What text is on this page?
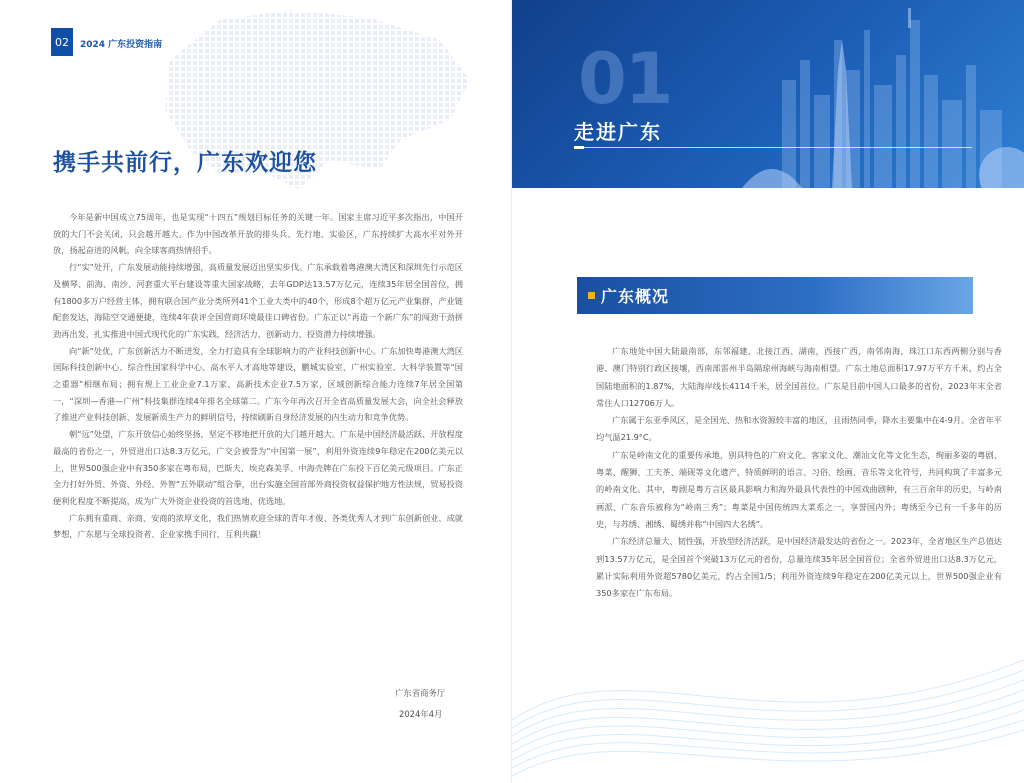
02	2024 广东投资指南
携手共前行，广东欢迎您

今年是新中国成立75周年，也是实现“十四五”规划目标任务的关键一年。国家主席习近平多次指出，中国开放的大门不会关闭，只会越开越大。作为中国改革开放的排头兵、先行地、实验区，广东持续扩大高水平对外开放，扬起奋进的风帆，向全球客商热情招手。

行“实”处开，广东发展动能持续增强，高质量发展迈出坚实步伐。广东承载着粤港澳大湾区和深圳先行示范区及横琴、前海、南沙、河套重大平台建设等重大国家战略，去年GDP达13.57万亿元，连续35年居全国首位，拥有1800多万户经营主体，拥有联合国产业分类所列41个工业大类中的40个，形成8个超万亿元产业集群，产业链配套发达，海陆空交通便捷，连续4年获评全国营商环境最佳口碑省份。广东正以“再造一个新广东”的闯劲干劲拼劲再出发，扎实推进中国式现代化的广东实践，经济活力、创新动力、投资潜力持续增强。

向“新”处优，广东创新活力不断迸发，全力打造具有全球影响力的产业科技创新中心。广东加快粤港澳大湾区国际科技创新中心、综合性国家科学中心、高水平人才高地等建设，鹏城实验室、广州实验室、大科学装置等“国之重器”相继布局；拥有规上工业企业7.1万家、高新技术企业7.5万家，区域创新综合能力连续7年居全国第一，“深圳—香港—广州”科技集群连续4年排名全球第二。广东今年再次召开全省高质量发展大会，向全社会释放了推进产业科技创新、发展新质生产力的鲜明信号，持续刷新自身经济发展的内生动力和竞争优势。

朝“远”处望，广东开放信心始终坚扬，坚定不移地把开放的大门越开越大。广东是中国经济最活跃、开放程度最高的省份之一，外贸进出口达8.3万亿元，广交会被誉为“中国第一展”，利用外资连续9年稳定在200亿美元以上，世界500强企业中有350多家在粤布局，巴斯夫、埃克森美孚、中海壳牌在广东投下百亿美元级项目。广东正全力打好外贸、外资、外经、外智“五外联动”组合拳，出台实施全国首部外商投资权益保护地方性法规，贸易投资便利化程度不断提高，成为广大外资企业投资的首选地、优选地。

广东拥有重商、亲商、安商的浓厚文化，我们热情欢迎全球的青年才俊、各类优秀人才到广东创新创业、成就梦想，广东愿与全球投资者、企业家携手同行，互利共赢！

广东省商务厅
2024年4月
01
走进广东
广东概况

广东地处中国大陆最南部，东邻福建，北接江西、湖南，西接广西，南邻南海，珠江口东西两侧分别与香港、澳门特别行政区接壤，西南部雷州半岛隔琼州海峡与海南相望。广东土地总面积17.97万平方千米，约占全国陆地面积的1.87%，大陆海岸线长4114千米，居全国首位。广东是目前中国人口最多的省份，2023年末全省常住人口12706万人。

广东属于东亚季风区，是全国光、热和水资源较丰富的地区，且雨热同季，降水主要集中在4-9月。全省年平均气温21.9°C。

广东是岭南文化的重要传承地，别具特色的广府文化、客家文化、潮汕文化等文化生态，绚丽多姿的粤剧、粤菜、醒狮、工夫茶、端砚等文化遗产，特质鲜明的语言、习俗、绘画、音乐等文化符号，共同构筑了丰富多元的岭南文化。其中，粤剧是粤方言区最具影响力和海外最具代表性的中国戏曲剧种，有三百余年的历史，与岭南画派、广东音乐被称为“岭南三秀”；粤菜是中国传统四大菜系之一，享誉国内外；粤绣至今已有一千多年的历史，与苏绣、湘绣、蜀绣并称“中国四大名绣”。

广东经济总量大、韧性强，开放型经济活跃，是中国经济最发达的省份之一。2023年，全省地区生产总值达到13.57万亿元，是全国首个突破13万亿元的省份，总量连续35年居全国首位；全省外贸进出口达8.3万亿元，累计实际利用外资超5780亿美元，约占全国1/5；利用外资连续9年稳定在200亿美元以上，世界500强企业有350多家在广东布局。
